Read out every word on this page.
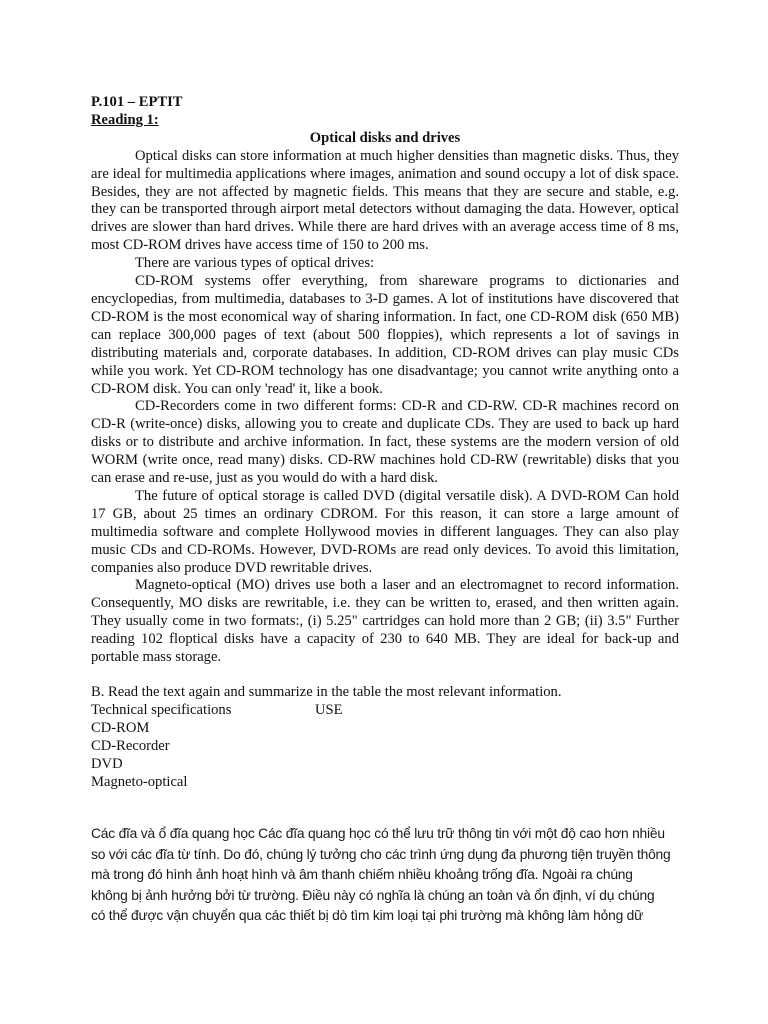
P.101 – EPTIT

Reading 1:

Optical disks and drives

Optical disks can store information at much higher densities than magnetic disks. Thus, they are ideal for multimedia applications where images, animation and sound occupy a lot of disk space. Besides, they are not affected by magnetic fields. This means that they are secure and stable, e.g. they can be transported through airport metal detectors without damaging the data. However, optical drives are slower than hard drives. While there are hard drives with an average access time of 8 ms, most CD-ROM drives have access time of 150 to 200 ms.

There are various types of optical drives:

CD-ROM systems offer everything, from shareware programs to dictionaries and encyclopedias, from multimedia, databases to 3-D games. A lot of institutions have discovered that CD-ROM is the most economical way of sharing information. In fact, one CD-ROM disk (650 MB) can replace 300,000 pages of text (about 500 floppies), which represents a lot of savings in distributing materials and, corporate databases. In addition, CD-ROM drives can play music CDs while you work. Yet CD-ROM technology has one disadvantage; you cannot write anything onto a CD-ROM disk. You can only 'read' it, like a book.

CD-Recorders come in two different forms: CD-R and CD-RW. CD-R machines record on CD-R (write-once) disks, allowing you to create and duplicate CDs. They are used to back up hard disks or to distribute and archive information. In fact, these systems are the modern version of old WORM (write once, read many) disks. CD-RW machines hold CD-RW (rewritable) disks that you can erase and re-use, just as you would do with a hard disk.

The future of optical storage is called DVD (digital versatile disk). A DVD-ROM Can hold 17 GB, about 25 times an ordinary CDROM. For this reason, it can store a large amount of multimedia software and complete Hollywood movies in different languages. They can also play music CDs and CD-ROMs. However, DVD-ROMs are read only devices. To avoid this limitation, companies also produce DVD rewritable drives.

Magneto-optical (MO) drives use both a laser and an electromagnet to record information. Consequently, MO disks are rewritable, i.e. they can be written to, erased, and then written again. They usually come in two formats:, (i) 5.25" cartridges can hold more than 2 GB; (ii) 3.5" Further reading 102 floptical disks have a capacity of 230 to 640 MB. They are ideal for back-up and portable mass storage.

B. Read the text again and summarize in the table the most relevant information.

Technical specifications	USE

CD-ROM

CD-Recorder

DVD

Magneto-optical

Các đĩa và ổ đĩa quang học Các đĩa quang học có thể lưu trữ thông tin với một độ cao hơn nhiều

so với các đĩa từ tính. Do đó, chúng lý tưởng cho các trình ứng dụng đa phương tiện truyền thông

mà trong đó hình ảnh hoạt hình và âm thanh chiếm nhiều khoảng trống đĩa. Ngoài ra chúng

không bị ảnh hưởng bởi từ trường. Điều này có nghĩa là chúng an toàn và ổn định, ví dụ chúng

có thể được vận chuyển qua các thiết bị dò tìm kim loại tại phi trường mà không làm hỏng dữ
